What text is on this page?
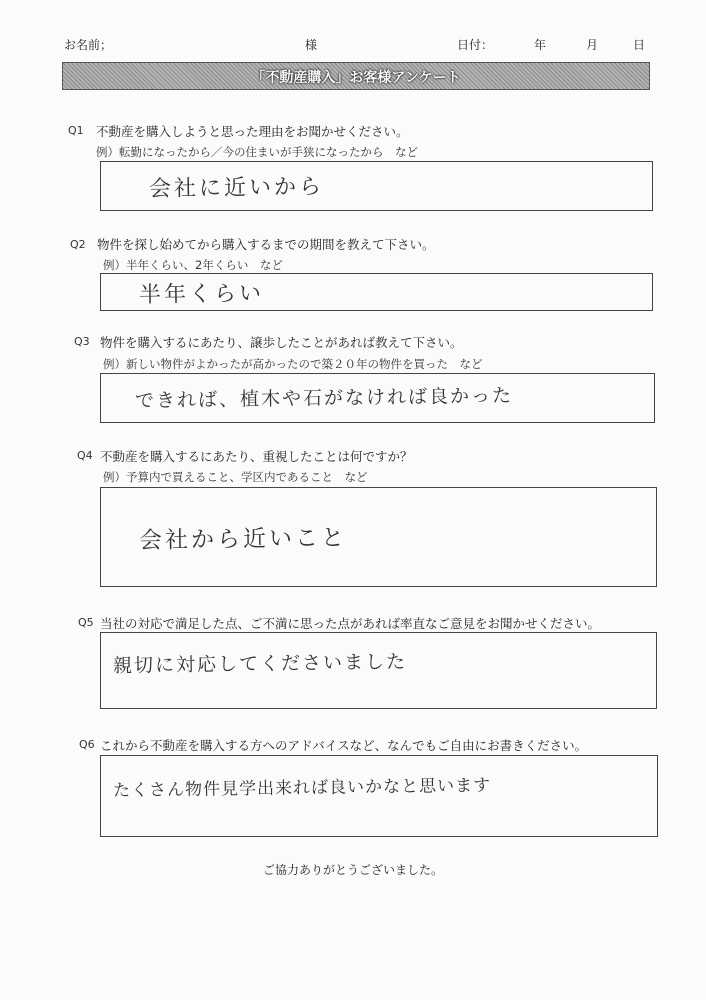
お名前；	様	日付：	年	月	日
「不動産購入」お客様アンケート
Q1 不動産を購入しようと思った理由をお聞かせください。
例）転勤になったから／今の住まいが手狭になったから　など
会社に近いから
Q2 物件を探し始めてから購入するまでの期間を教えて下さい。
例）半年くらい、2年くらい　など
半年くらい
Q3 物件を購入するにあたり、譲歩したことがあれば教えて下さい。
例）新しい物件がよかったが高かったので築２０年の物件を買った　など
できれば、植木や石がなければ良かった
Q4 不動産を購入するにあたり、重視したことは何ですか？
例）予算内で買えること、学区内であること　など
会社から近いこと
Q5 当社の対応で満足した点、ご不満に思った点があれば率直なご意見をお聞かせください。
親切に対応してくださいました
Q6 これから不動産を購入する方へのアドバイスなど、なんでもご自由にお書きください。
たくさん物件見学出来れば良いかなと思います
ご協力ありがとうございました。
